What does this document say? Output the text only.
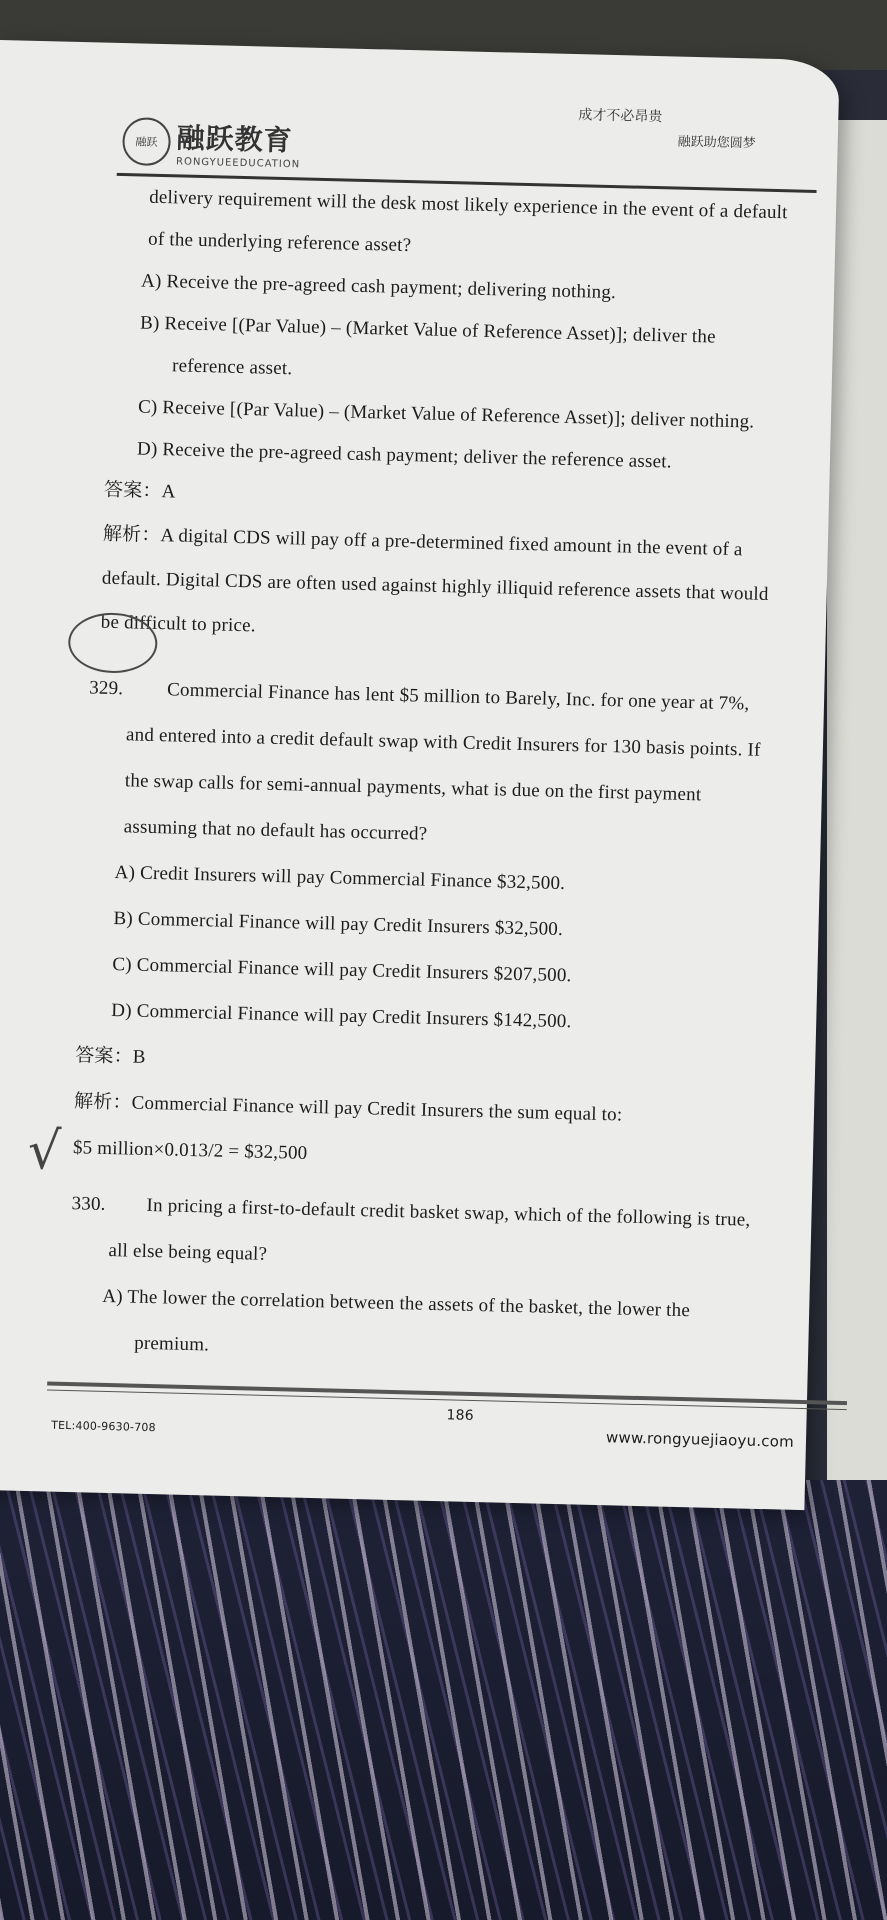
融跃 融跃教育
RONGYUEEDUCATION
成才不必昂贵
融跃助您圆梦
delivery requirement will the desk most likely experience in the event of a default
of the underlying reference asset?
A) Receive the pre-agreed cash payment; delivering nothing.
B) Receive [(Par Value) – (Market Value of Reference Asset)]; deliver the
reference asset.
C) Receive [(Par Value) – (Market Value of Reference Asset)]; deliver nothing.
D) Receive the pre-agreed cash payment; deliver the reference asset.
答案：A
解析：A digital CDS will pay off a pre-determined fixed amount in the event of a
default. Digital CDS are often used against highly illiquid reference assets that would
be difficult to price.
329. Commercial Finance has lent $5 million to Barely, Inc. for one year at 7%,
and entered into a credit default swap with Credit Insurers for 130 basis points. If
the swap calls for semi-annual payments, what is due on the first payment
assuming that no default has occurred?
A) Credit Insurers will pay Commercial Finance $32,500.
B) Commercial Finance will pay Credit Insurers $32,500.
C) Commercial Finance will pay Credit Insurers $207,500.
D) Commercial Finance will pay Credit Insurers $142,500.
答案：B
解析：Commercial Finance will pay Credit Insurers the sum equal to:
$5 million×0.013/2 = $32,500
√
330. In pricing a first-to-default credit basket swap, which of the following is true,
all else being equal?
A) The lower the correlation between the assets of the basket, the lower the
premium.
186
TEL:400-9630-708
www.rongyuejiaoyu.com
